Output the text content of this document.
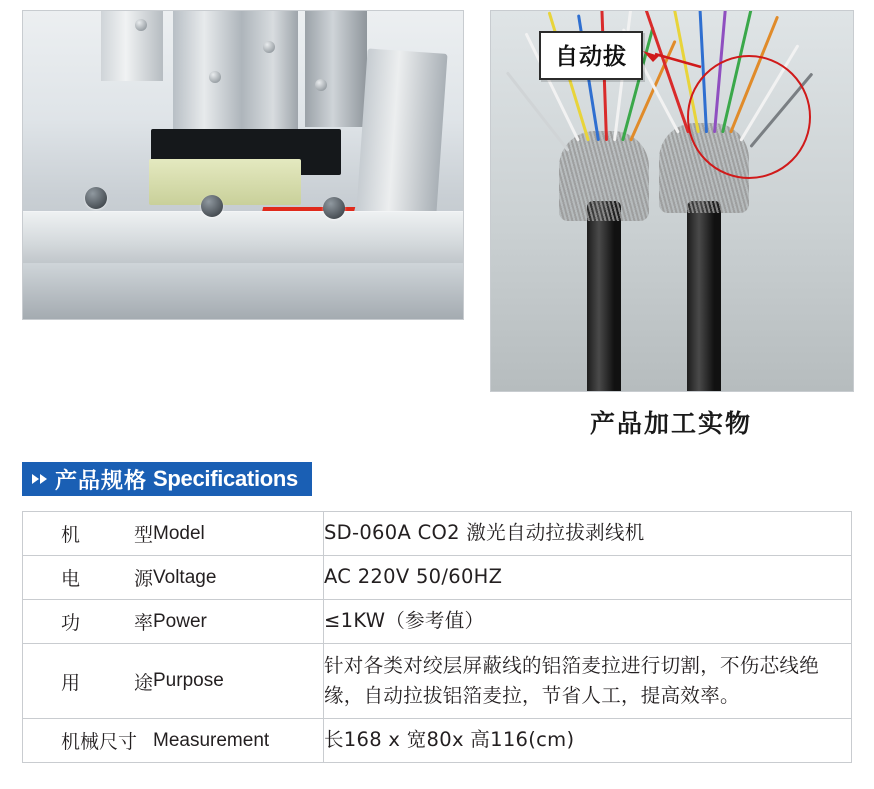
自动拔
产品加工实物
产品规格 Specifications
机 型 Model	SD-060A CO2 激光自动拉拔剥线机

电 源 Voltage	AC 220V 50/60HZ

功 率 Power	≤1KW（参考值）

用 途 Purpose	针对各类对绞层屏蔽线的铝箔麦拉进行切割，不伤芯线绝缘，自动拉拔铝箔麦拉，节省人工，提高效率。

机械尺寸 Measurement	长168 x 宽80x 高116(cm)
